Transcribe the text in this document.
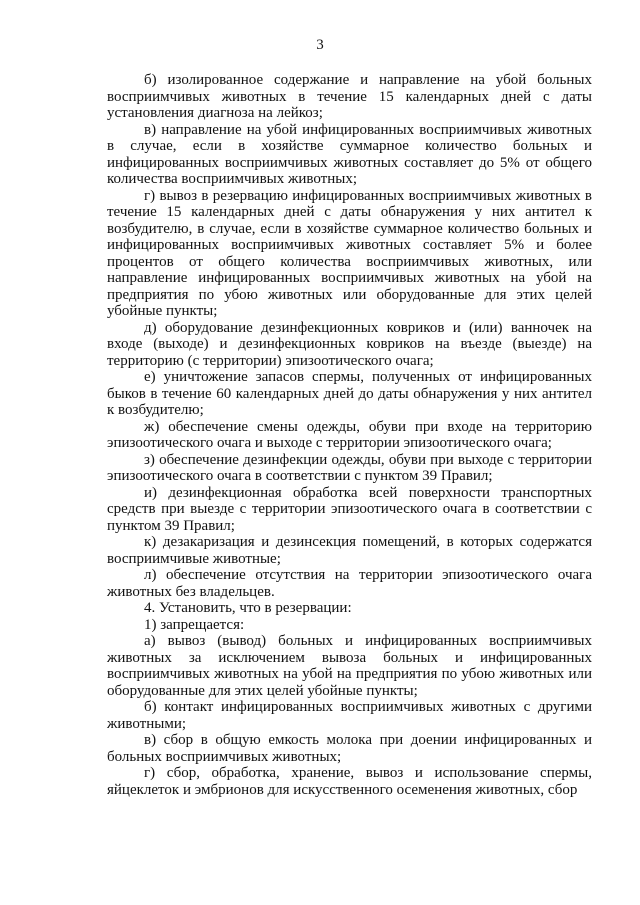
3

б) изолированное содержание и направление на убой больных восприимчивых животных в течение 15 календарных дней с даты установления диагноза на лейкоз;

в) направление на убой инфицированных восприимчивых животных в случае, если в хозяйстве суммарное количество больных и инфицированных восприимчивых животных составляет до 5% от общего количества восприимчивых животных;

г) вывоз в резервацию инфицированных восприимчивых животных в течение 15 календарных дней с даты обнаружения у них антител к возбудителю, в случае, если в хозяйстве суммарное количество больных и инфицированных восприимчивых животных составляет 5% и более процентов от общего количества восприимчивых животных, или направление инфицированных восприимчивых животных на убой на предприятия по убою животных или оборудованные для этих целей убойные пункты;

д) оборудование дезинфекционных ковриков и (или) ванночек на входе (выходе) и дезинфекционных ковриков на въезде (выезде) на территорию (с территории) эпизоотического очага;

е) уничтожение запасов спермы, полученных от инфицированных быков в течение 60 календарных дней до даты обнаружения у них антител к возбудителю;

ж) обеспечение смены одежды, обуви при входе на территорию эпизоотического очага и выходе с территории эпизоотического очага;

з) обеспечение дезинфекции одежды, обуви при выходе с территории эпизоотического очага в соответствии с пунктом 39 Правил;

и) дезинфекционная обработка всей поверхности транспортных средств при выезде с территории эпизоотического очага в соответствии с пунктом 39 Правил;

к) дезакаризация и дезинсекция помещений, в которых содержатся восприимчивые животные;

л) обеспечение отсутствия на территории эпизоотического очага животных без владельцев.

4. Установить, что в резервации:

1) запрещается:

а) вывоз (вывод) больных и инфицированных восприимчивых животных за исключением вывоза больных и инфицированных восприимчивых животных на убой на предприятия по убою животных или оборудованные для этих целей убойные пункты;

б) контакт инфицированных восприимчивых животных с другими животными;

в) сбор в общую емкость молока при доении инфицированных и больных восприимчивых животных;

г) сбор, обработка, хранение, вывоз и использование спермы, яйцеклеток и эмбрионов для искусственного осеменения животных, сбор
